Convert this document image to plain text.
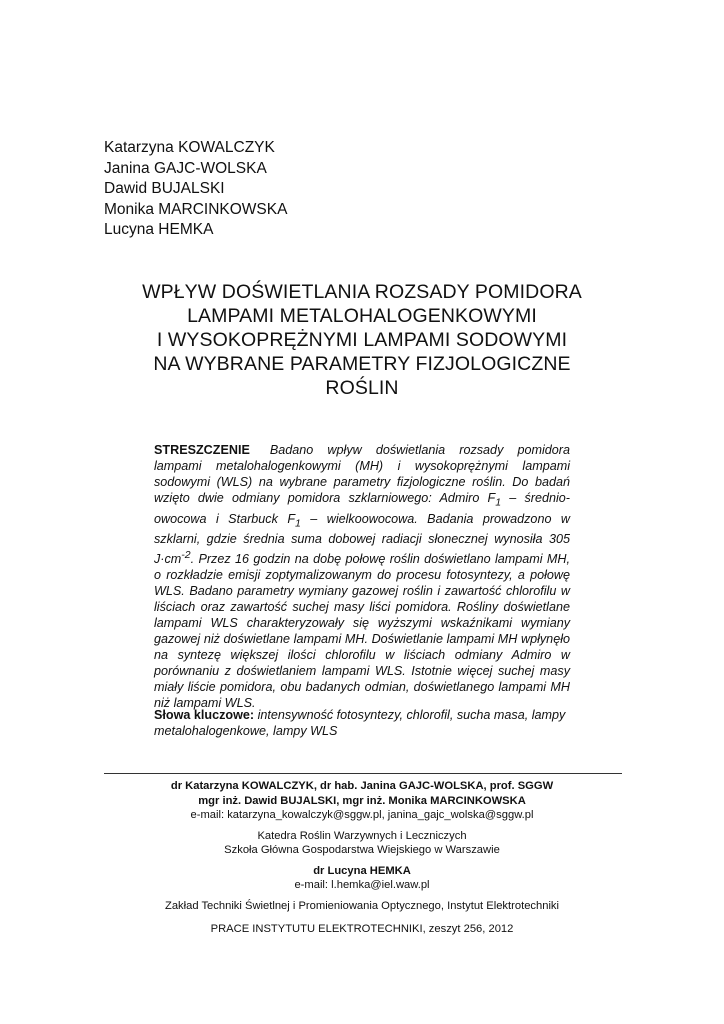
Katarzyna KOWALCZYK
Janina GAJC-WOLSKA
Dawid BUJALSKI
Monika MARCINKOWSKA
Lucyna HEMKA
WPŁYW DOŚWIETLANIA ROZSADY POMIDORA
LAMPAMI METALOHALOGENKOWYMI
I WYSOKOPRĘŻNYMI LAMPAMI SODOWYMI
NA WYBRANE PARAMETRY FIZJOLOGICZNE
ROŚLIN
STRESZCZENIE Badano wpływ doświetlania rozsady pomidora lampami metalohalogenkowymi (MH) i wysokoprężnymi lampami sodowymi (WLS) na wybrane parametry fizjologiczne roślin. Do badań wzięto dwie odmiany pomidora szklarniowego: Admiro $F_1$ – średnioowocowa i Starbuck $F_1$ – wielkoowocowa. Badania prowadzono w szklarni, gdzie średnia suma dobowej radiacji słonecznej wynosiła 305 $J\cdot cm^{-2}$. Przez 16 godzin na dobę połowę roślin doświetlano lampami MH, o rozkładzie emisji zoptymalizowanym do procesu fotosyntezy, a połowę WLS. Badano parametry wymiany gazowej roślin i zawartość chlorofilu w liściach oraz zawartość suchej masy liści pomidora. Rośliny doświetlane lampami WLS charakteryzowały się wyższymi wskaźnikami wymiany gazowej niż doświetlane lampami MH. Doświetlanie lampami MH wpłynęło na syntezę większej ilości chlorofilu w liściach odmiany Admiro w porównaniu z doświetlaniem lampami WLS. Istotnie więcej suchej masy miały liście pomidora, obu badanych odmian, doświetlanego lampami MH niż lampami WLS.
Słowa kluczowe: intensywność fotosyntezy, chlorofil, sucha masa, lampy metalohalogenkowe, lampy WLS
dr Katarzyna KOWALCZYK, dr hab. Janina GAJC-WOLSKA, prof. SGGW
mgr inż. Dawid BUJALSKI, mgr inż. Monika MARCINKOWSKA
e-mail: katarzyna_kowalczyk@sggw.pl, janina_gajc_wolska@sggw.pl
Katedra Roślin Warzywnych i Leczniczych
Szkoła Główna Gospodarstwa Wiejskiego w Warszawie
dr Lucyna HEMKA
e-mail: l.hemka@iel.waw.pl
Zakład Techniki Świetlnej i Promieniowania Optycznego, Instytut Elektrotechniki
PRACE INSTYTUTU ELEKTROTECHNIKI, zeszyt 256, 2012
